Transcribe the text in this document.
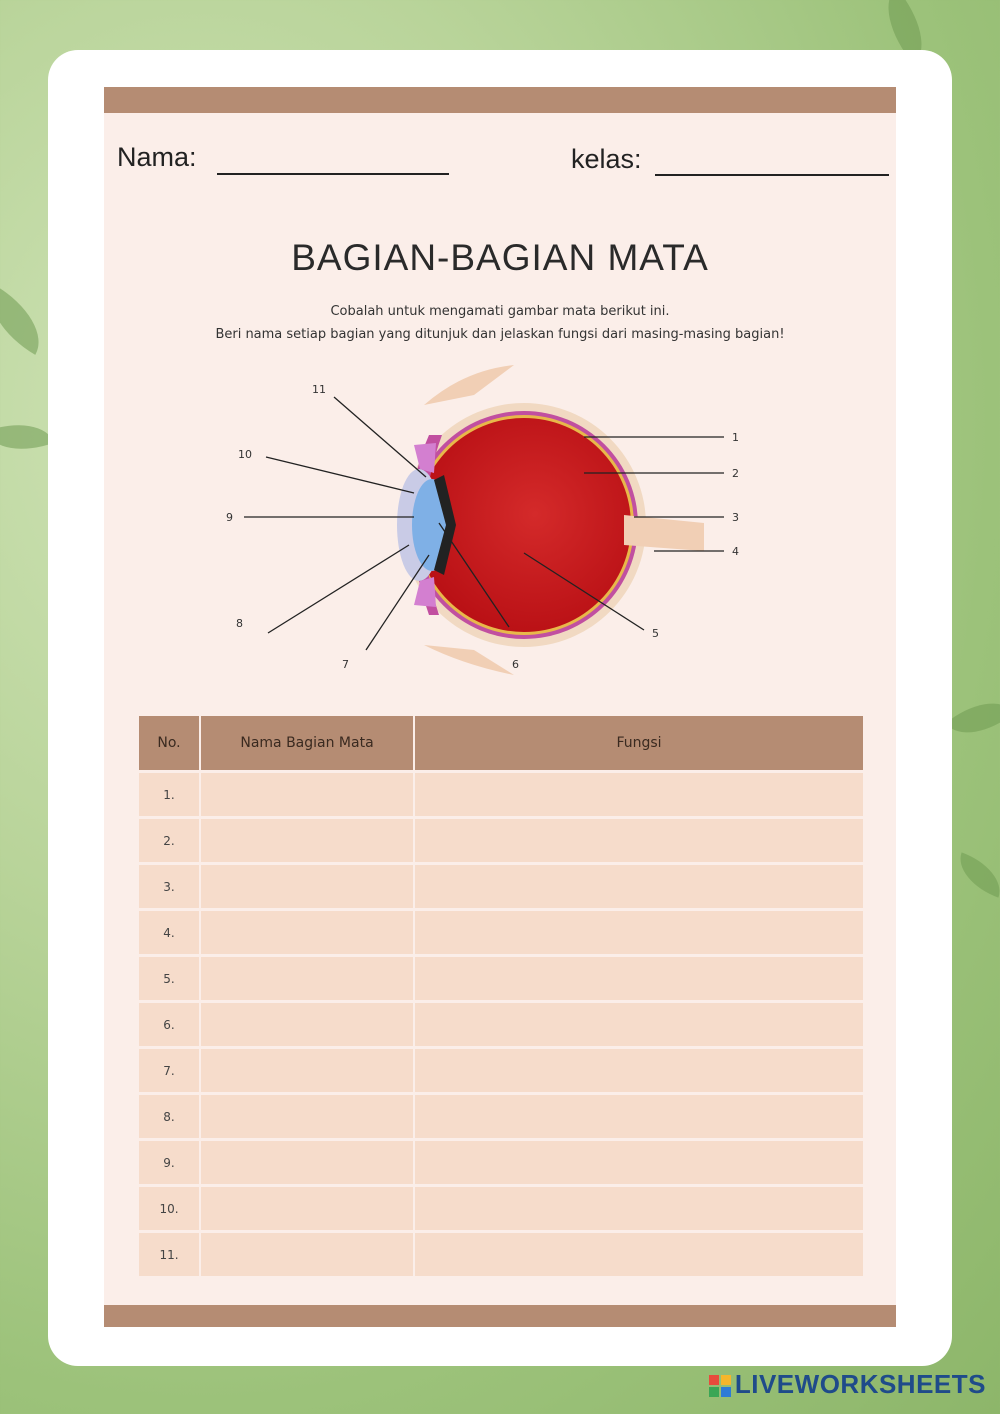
Nama:	kelas:
BAGIAN-BAGIAN MATA
Cobalah untuk mengamati gambar mata berikut ini.
Beri nama setiap bagian yang ditunjuk dan jelaskan fungsi dari masing-masing bagian!
1
2
3
4
5
6
7
8
9
10
11
No.	Nama Bagian Mata	Fungsi
1.		
2.		
3.		
4.		
5.		
6.		
7.		
8.		
9.		
10.		
11.		
LIVEWORKSHEETS
